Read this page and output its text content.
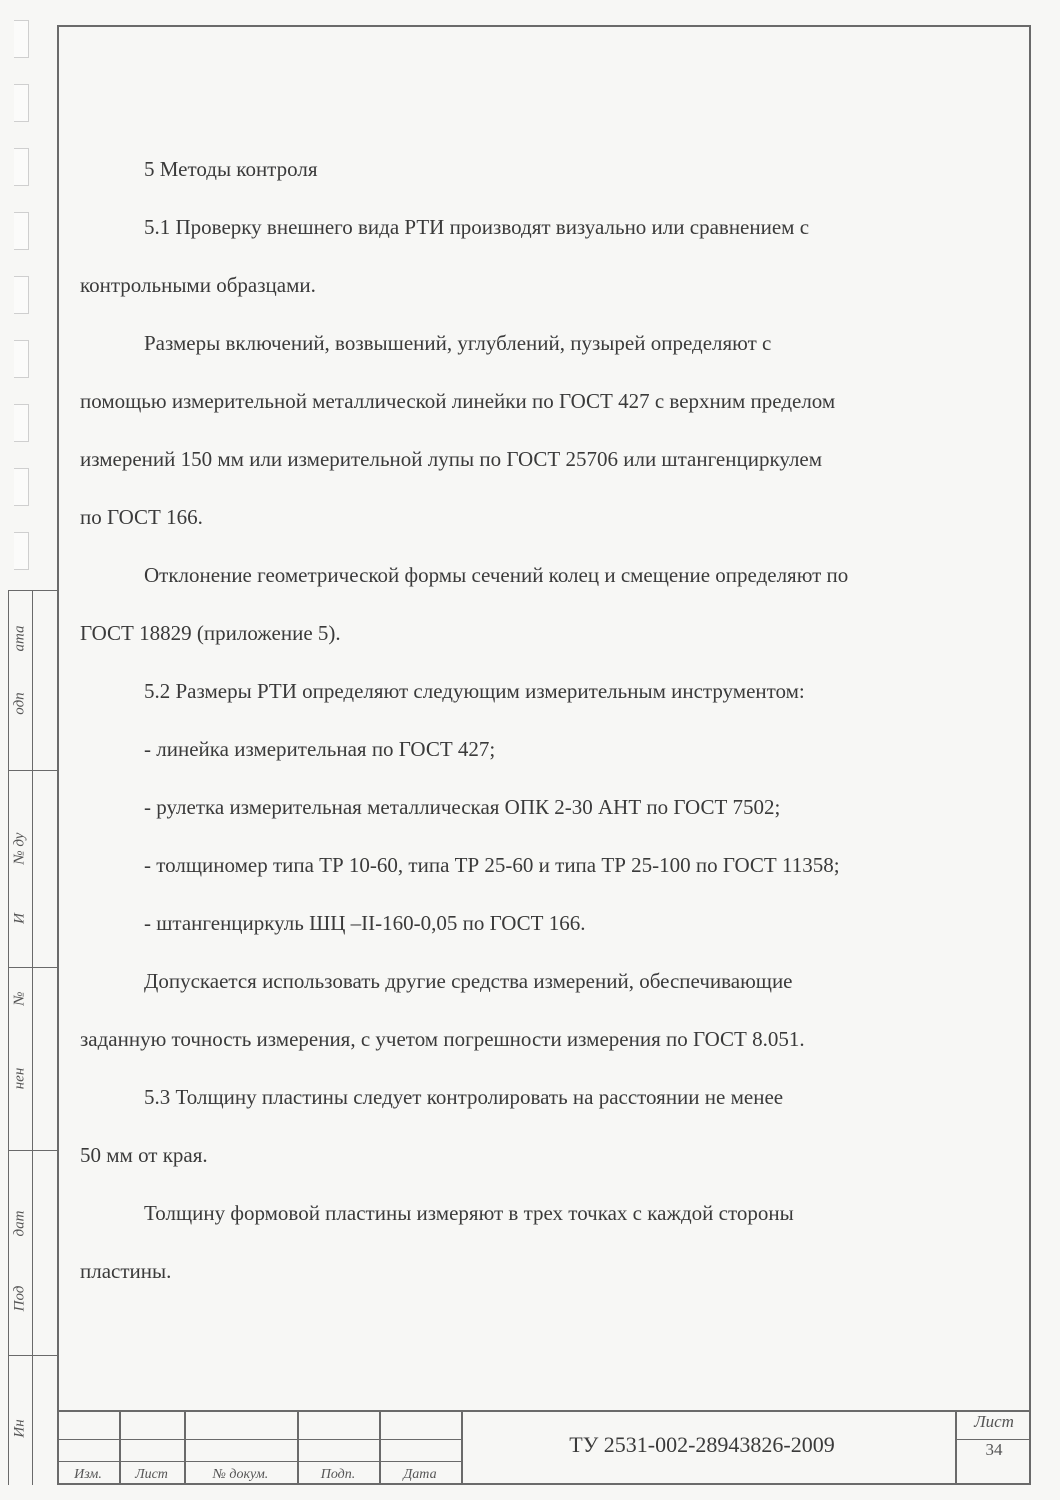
ата
одп
№ ду
И
№
нен
дат
Под
Ин

5 Методы контроля

5.1 Проверку внешнего вида РТИ производят визуально или сравнением с

контрольными образцами.

Размеры включений, возвышений, углублений, пузырей определяют с

помощью измерительной металлической линейки по ГОСТ 427 с верхним пределом

измерений 150 мм или измерительной лупы по ГОСТ 25706 или штангенциркулем

по ГОСТ 166.

Отклонение геометрической формы сечений колец и смещение определяют по

ГОСТ 18829 (приложение 5).

5.2 Размеры РТИ определяют следующим измерительным инструментом:

- линейка измерительная по ГОСТ 427;

- рулетка измерительная металлическая ОПК 2-30 АНТ по ГОСТ 7502;

- толщиномер типа ТР 10-60, типа ТР 25-60 и типа ТР 25-100 по ГОСТ 11358;

- штангенциркуль ШЦ –II-160-0,05 по ГОСТ 166.

Допускается использовать другие средства измерений, обеспечивающие

заданную точность измерения, с учетом погрешности измерения по ГОСТ 8.051.

5.3 Толщину пластины следует контролировать на расстоянии не менее

50 мм от края.

Толщину формовой пластины измеряют в трех точках с каждой стороны

пластины.

Изм.	Лист	№ докум.	Подп.	Дата
ТУ 2531-002-28943826-2009
Лист
34
